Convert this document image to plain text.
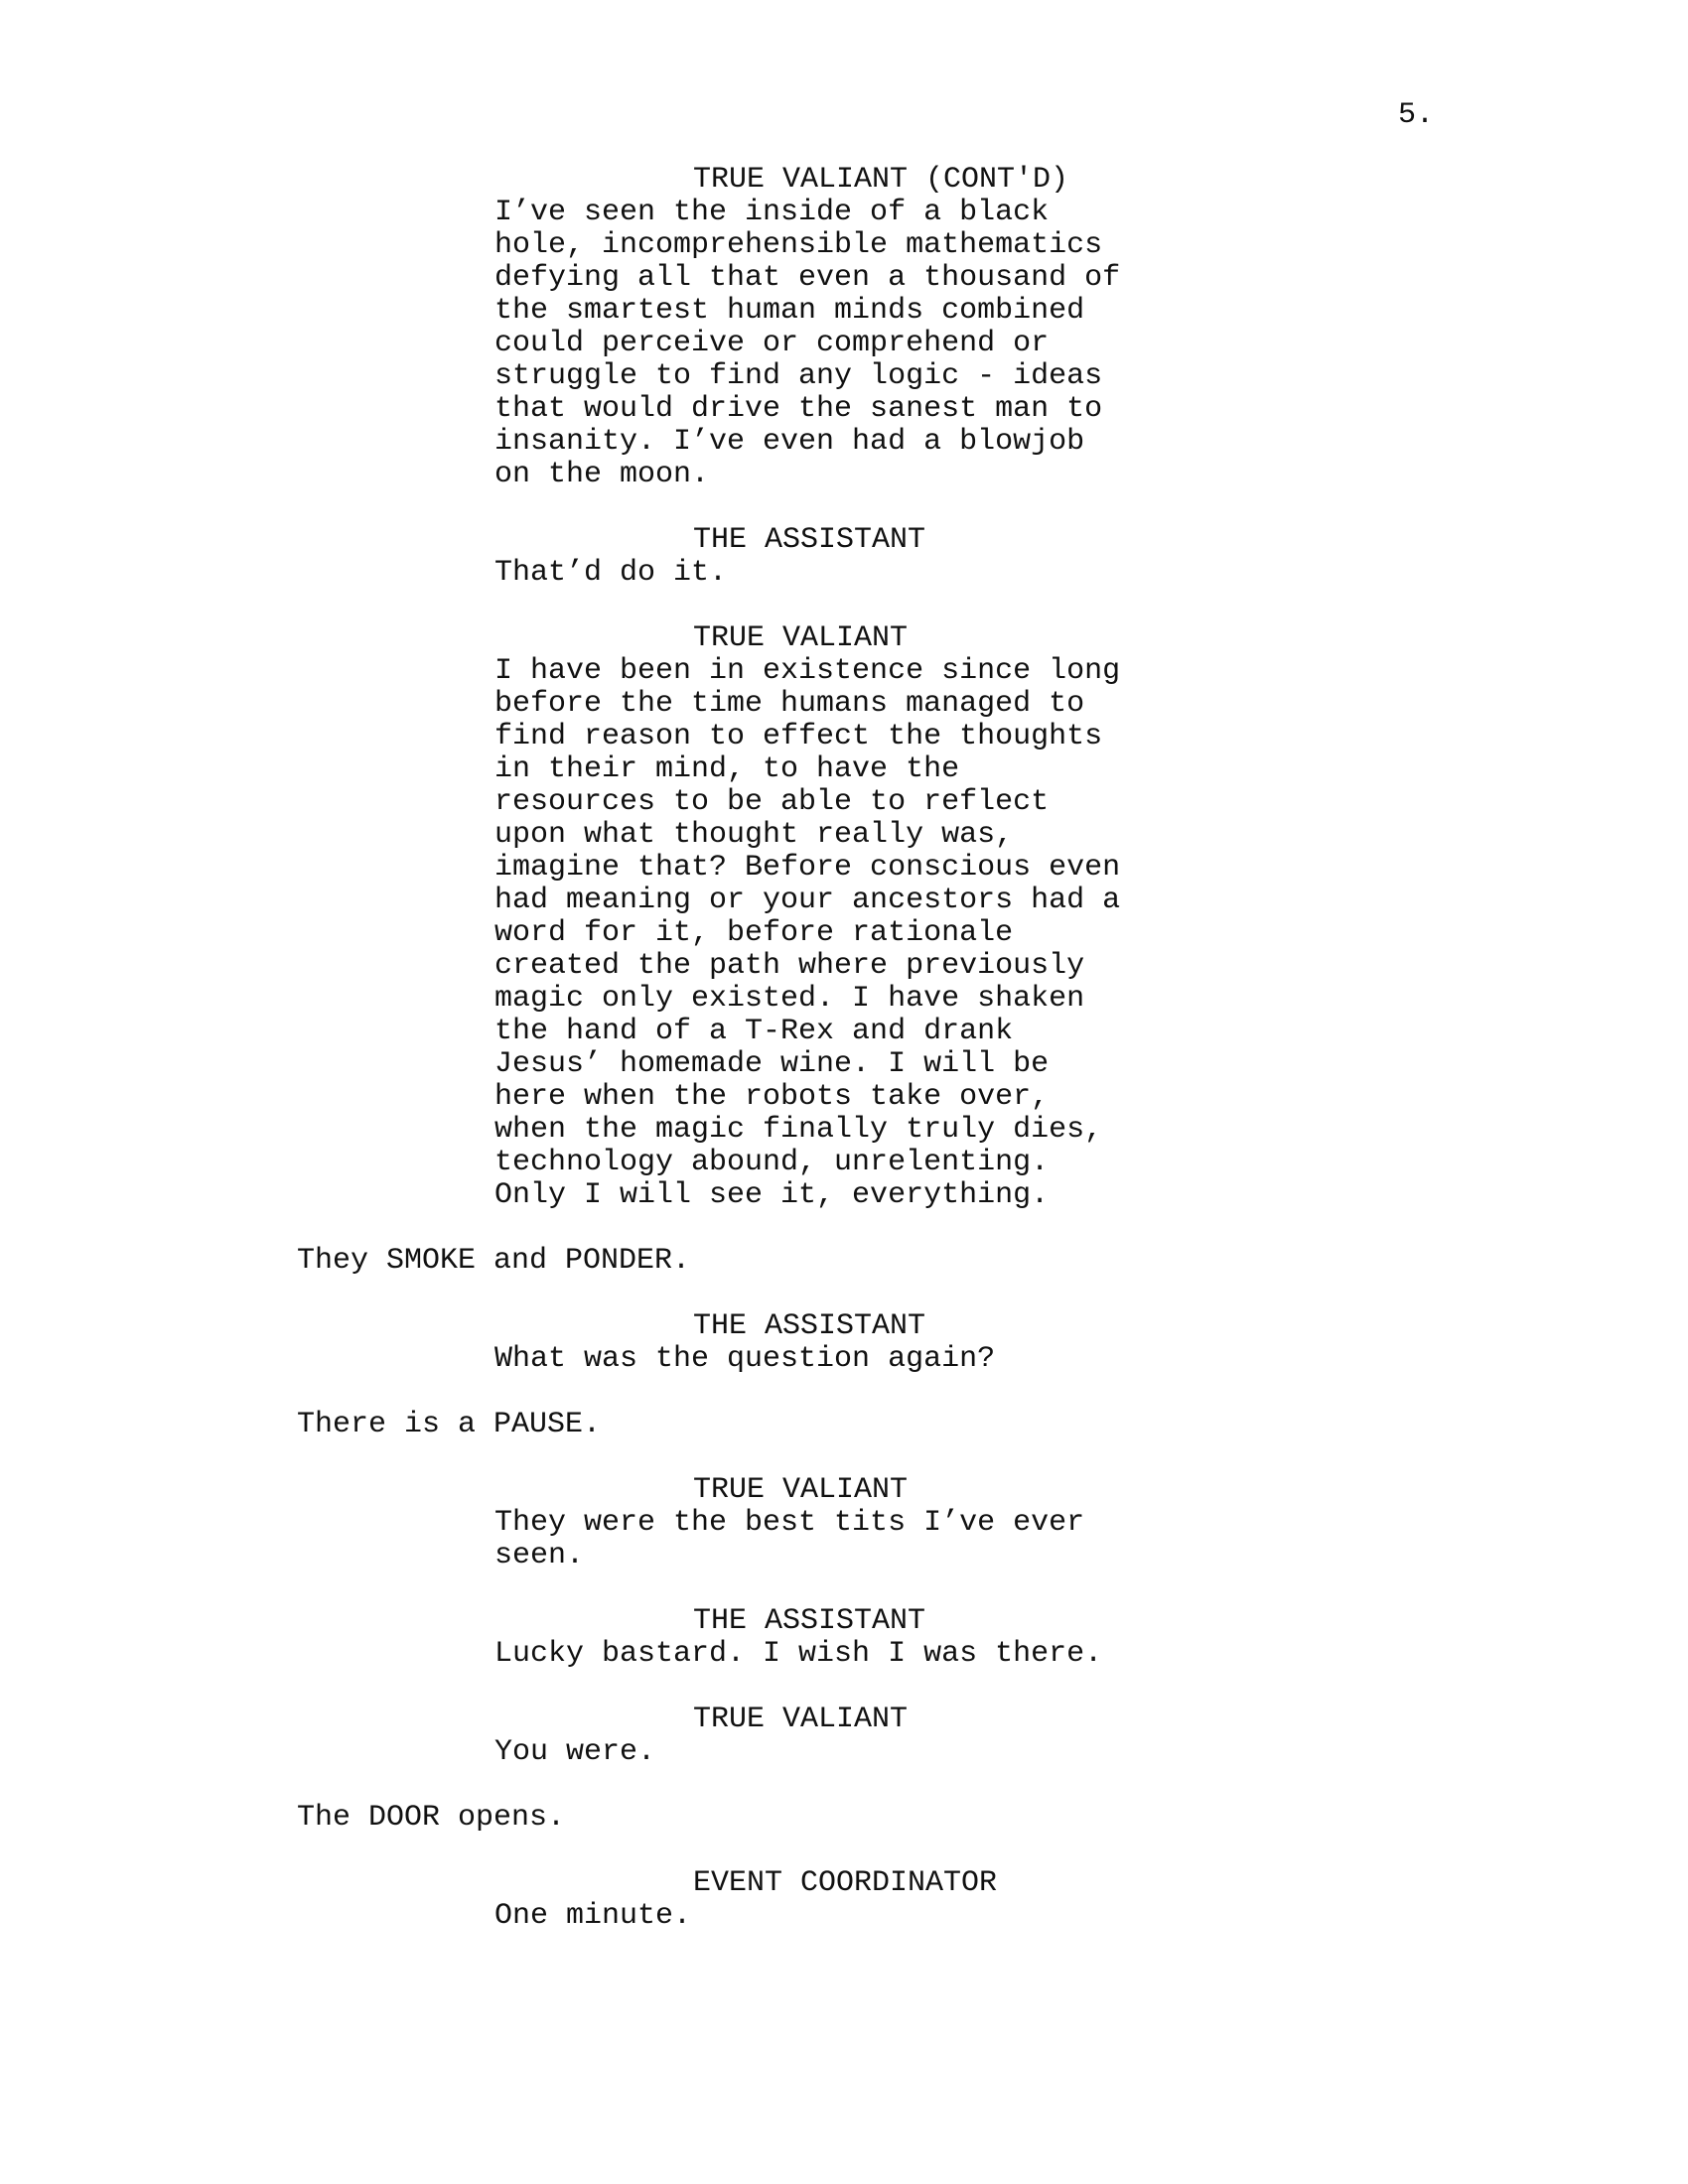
5.
TRUE VALIANT (CONT'D)
I’ve seen the inside of a black
hole, incomprehensible mathematics
defying all that even a thousand of
the smartest human minds combined
could perceive or comprehend or
struggle to find any logic - ideas
that would drive the sanest man to
insanity. I’ve even had a blowjob
on the moon.
THE ASSISTANT
That’d do it.
TRUE VALIANT
I have been in existence since long
before the time humans managed to
find reason to effect the thoughts
in their mind, to have the
resources to be able to reflect
upon what thought really was,
imagine that? Before conscious even
had meaning or your ancestors had a
word for it, before rationale
created the path where previously
magic only existed. I have shaken
the hand of a T-Rex and drank
Jesus’ homemade wine. I will be
here when the robots take over,
when the magic finally truly dies,
technology abound, unrelenting.
Only I will see it, everything.
They SMOKE and PONDER.
THE ASSISTANT
What was the question again?
There is a PAUSE.
TRUE VALIANT
They were the best tits I’ve ever
seen.
THE ASSISTANT
Lucky bastard. I wish I was there.
TRUE VALIANT
You were.
The DOOR opens.
EVENT COORDINATOR
One minute.
